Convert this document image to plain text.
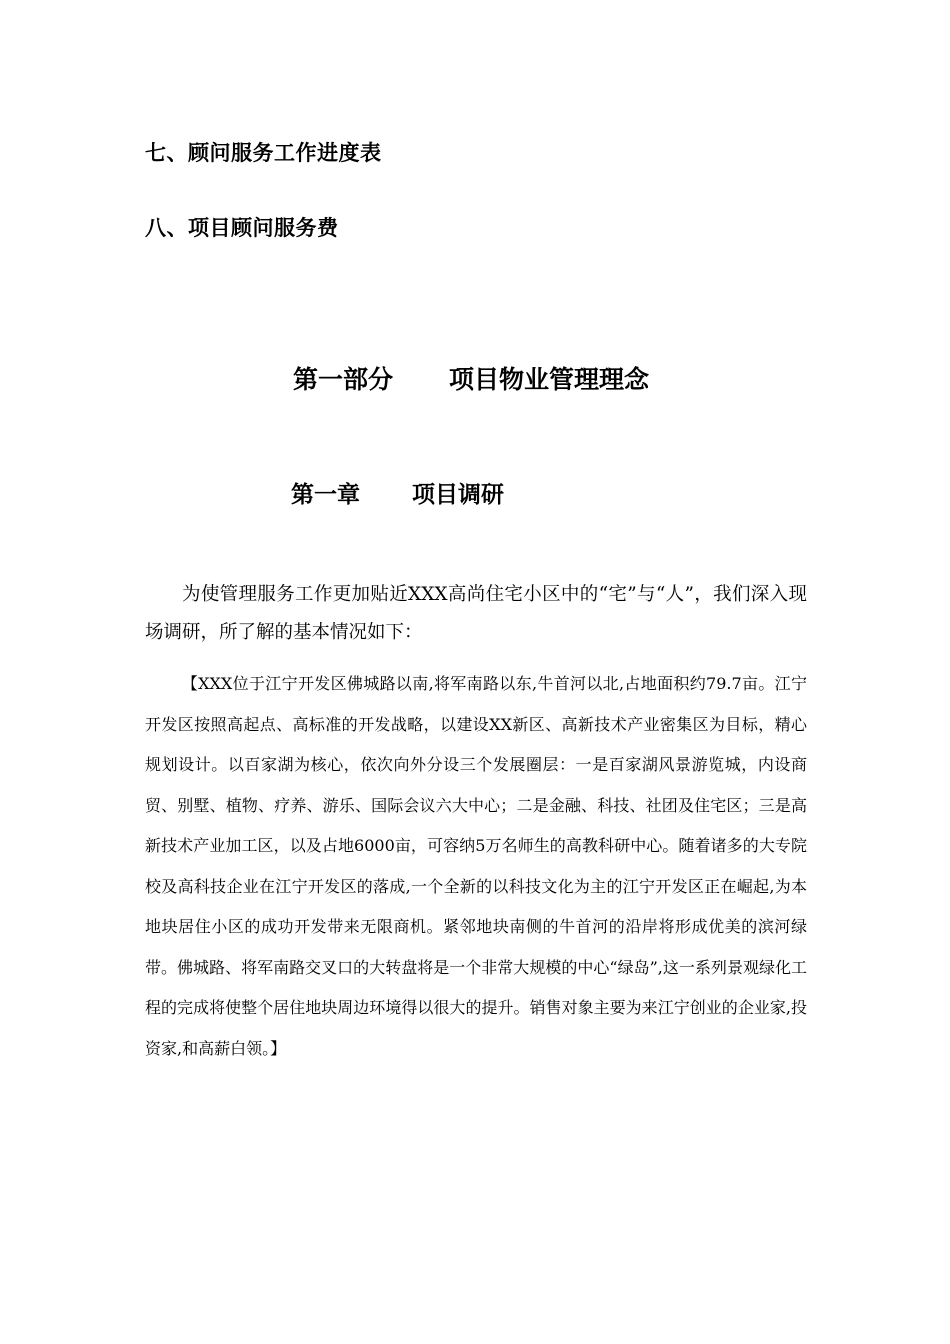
七、顾问服务工作进度表
八、项目顾问服务费
第一部分 项目物业管理理念
第一章 项目调研

为使管理服务工作更加贴近XXX高尚住宅小区中的“宅”与“人”，我们深入现场调研，所了解的基本情况如下：

【XXX位于江宁开发区佛城路以南,将军南路以东,牛首河以北,占地面积约79.7亩。江宁开发区按照高起点、高标准的开发战略，以建设XX新区、高新技术产业密集区为目标，精心规划设计。以百家湖为核心，依次向外分设三个发展圈层：一是百家湖风景游览城，内设商贸、别墅、植物、疗养、游乐、国际会议六大中心；二是金融、科技、社团及住宅区；三是高新技术产业加工区，以及占地6000亩，可容纳5万名师生的高教科研中心。随着诸多的大专院校及高科技企业在江宁开发区的落成,一个全新的以科技文化为主的江宁开发区正在崛起,为本地块居住小区的成功开发带来无限商机。紧邻地块南侧的牛首河的沿岸将形成优美的滨河绿带。佛城路、将军南路交叉口的大转盘将是一个非常大规模的中心“绿岛”,这一系列景观绿化工程的完成将使整个居住地块周边环境得以很大的提升。销售对象主要为来江宁创业的企业家,投资家,和高薪白领。】
